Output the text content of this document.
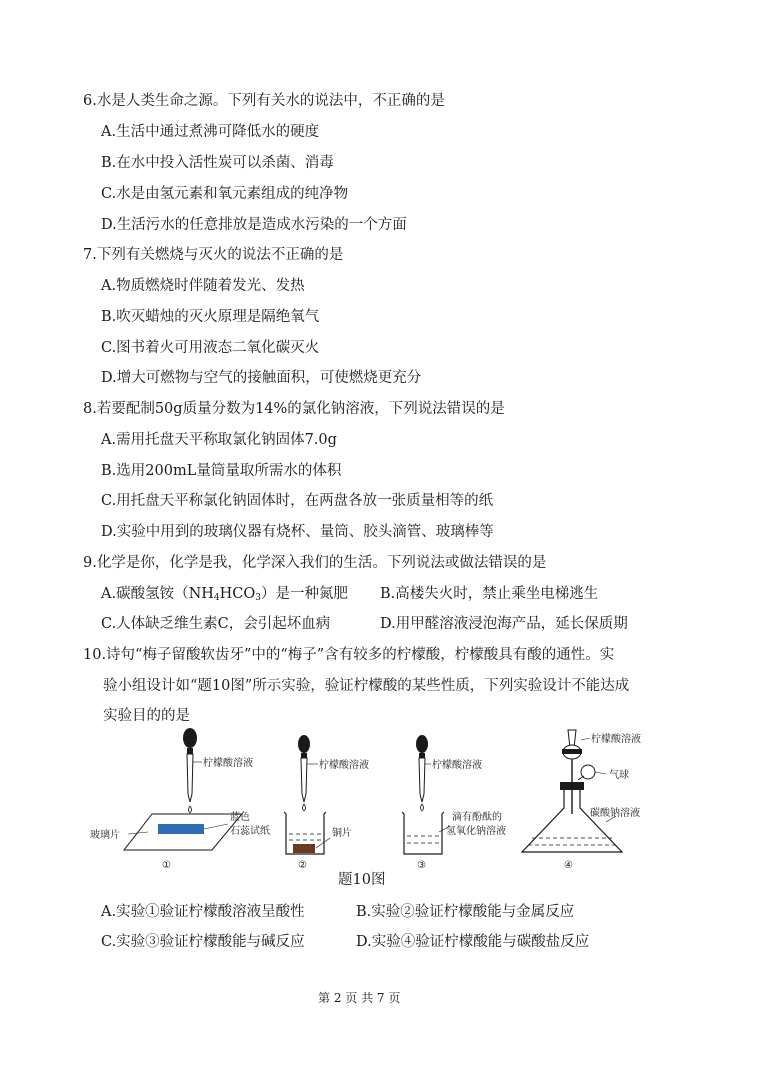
6.水是人类生命之源。下列有关水的说法中，不正确的是
A.生活中通过煮沸可降低水的硬度
B.在水中投入活性炭可以杀菌、消毒
C.水是由氢元素和氧元素组成的纯净物
D.生活污水的任意排放是造成水污染的一个方面
7.下列有关燃烧与灭火的说法不正确的是
A.物质燃烧时伴随着发光、发热
B.吹灭蜡烛的灭火原理是隔绝氧气
C.图书着火可用液态二氧化碳灭火
D.增大可燃物与空气的接触面积，可使燃烧更充分
8.若要配制50g质量分数为14%的氯化钠溶液，下列说法错误的是
A.需用托盘天平称取氯化钠固体7.0g
B.选用200mL量筒量取所需水的体积
C.用托盘天平称氯化钠固体时，在两盘各放一张质量相等的纸
D.实验中用到的玻璃仪器有烧杯、量筒、胶头滴管、玻璃棒等
9.化学是你，化学是我，化学深入我们的生活。下列说法或做法错误的是
A.碳酸氢铵$(NH_4HCO_3)$是一种氮肥 B.高楼失火时，禁止乘坐电梯逃生
C.人体缺乏维生素C，会引起坏血病	D.用甲醛溶液浸泡海产品，延长保质期
10.诗句“梅子留酸软齿牙”中的“梅子”含有较多的柠檬酸，柠檬酸具有酸的通性。实
验小组设计如“题10图”所示实验，验证柠檬酸的某些性质，下列实验设计不能达成
实验目的的是
柠檬酸溶液
蓝色
石蕊试纸
玻璃片
①
柠檬酸溶液
铜片
②
柠檬酸溶液
滴有酚酞的
氢氧化钠溶液
③
柠檬酸溶液
气球
碳酸钠溶液
④
题10图
A.实验①验证柠檬酸溶液呈酸性	B.实验②验证柠檬酸能与金属反应
C.实验③验证柠檬酸能与碱反应	D.实验④验证柠檬酸能与碳酸盐反应
第 2 页 共 7 页
